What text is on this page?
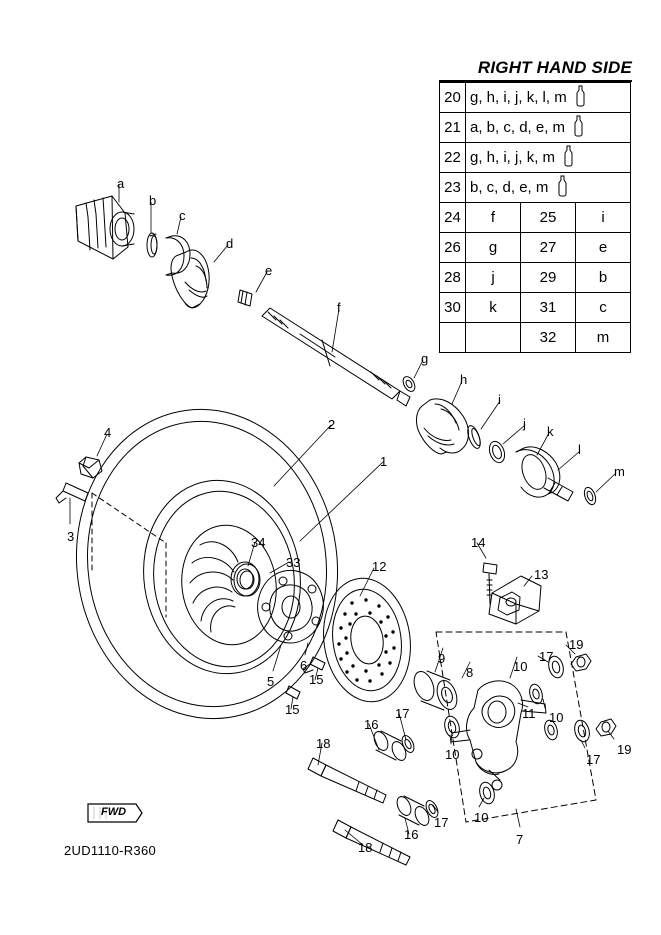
RIGHT HAND SIDE
20	g, h, i, j, k, l, m		
21	a, b, c, d, e, m		
22	g, h, i, j, k, m		
23	b, c, d, e, m		
24	f	25	i
26	g	27	e
28	j	29	b
30	k	31	c
		32	m
a
b
c
d
e
f
g
h
i
j
k
l
m
1
2
3
4
5
6
7
8
9
10
10
10
10
11
12
13
14
15
15
16
16
17
17
17
17
18
18
19
19
33
34
FWD
2UD1110-R360
